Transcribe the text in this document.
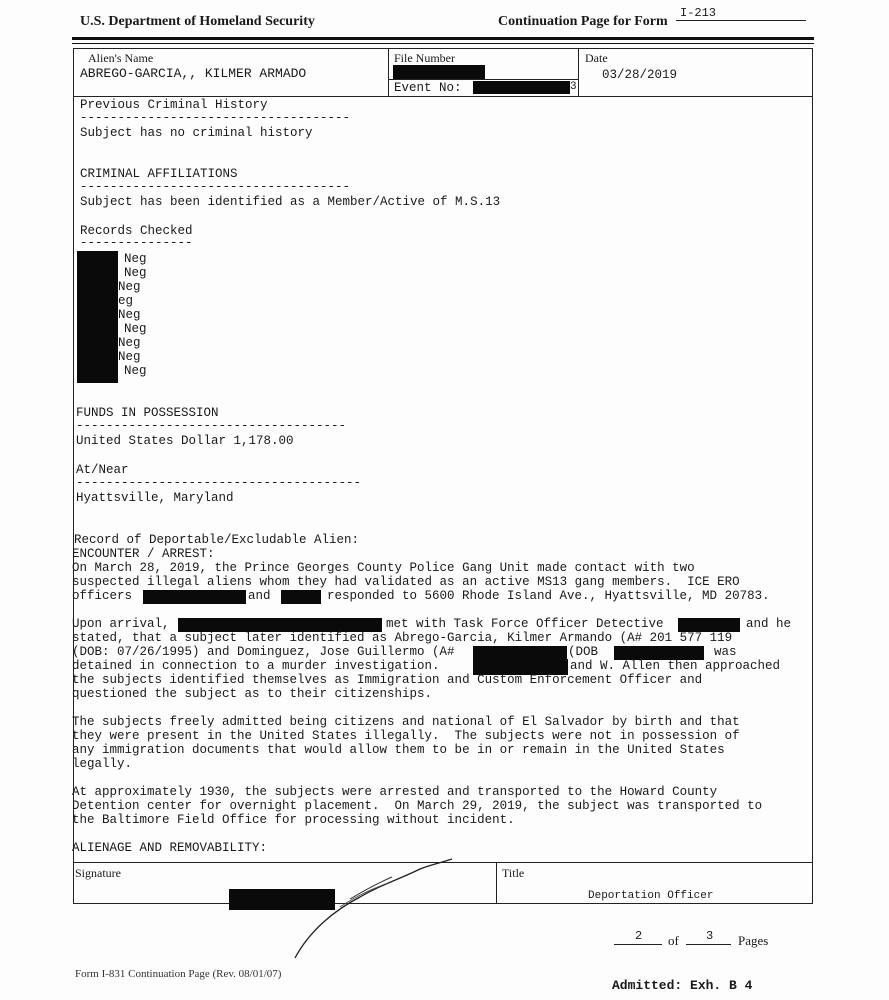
U.S. Department of Homeland Security	Continuation Page for Form
I-213
Alien's Name
ABREGO-GARCIA,, KILMER ARMADO
File Number
Event No:	3
Date
03/28/2019
Previous Criminal History
------------------------------------
Subject has no criminal history
CRIMINAL AFFILIATIONS
------------------------------------
Subject has been identified as a Member/Active of M.S.13
Records Checked
---------------
Neg
Neg
Neg
eg
Neg
Neg
Neg
Neg
Neg
FUNDS IN POSSESSION
------------------------------------
United States Dollar 1,178.00
At/Near
--------------------------------------
Hyattsville, Maryland
Record of Deportable/Excludable Alien:
ENCOUNTER / ARREST:
On March 28, 2019, the Prince Georges County Police Gang Unit made contact with two
suspected illegal aliens whom they had validated as an active MS13 gang members.  ICE ERO
officers	and	responded to 5600 Rhode Island Ave., Hyattsville, MD 20783.
Upon arrival,	met with Task Force Officer Detective	and he
stated, that a subject later identified as Abrego-Garcia, Kilmer Armando (A# 201 577 119
(DOB: 07/26/1995) and Dominguez, Jose Guillermo (A#	(DOB	was
detained in connection to a murder investigation.	and W. Allen then approached
the subjects identified themselves as Immigration and Custom Enforcement Officer and
questioned the subject as to their citizenships.
The subjects freely admitted being citizens and national of El Salvador by birth and that
they were present in the United States illegally.  The subjects were not in possession of
any immigration documents that would allow them to be in or remain in the United States
legally.
At approximately 1930, the subjects were arrested and transported to the Howard County
Detention center for overnight placement.  On March 29, 2019, the subject was transported to
the Baltimore Field Office for processing without incident.
ALIENAGE AND REMOVABILITY:
Signature	Title
Deportation Officer
2 of 3 Pages
Form I-831 Continuation Page (Rev. 08/01/07)
Admitted: Exh. B 4
